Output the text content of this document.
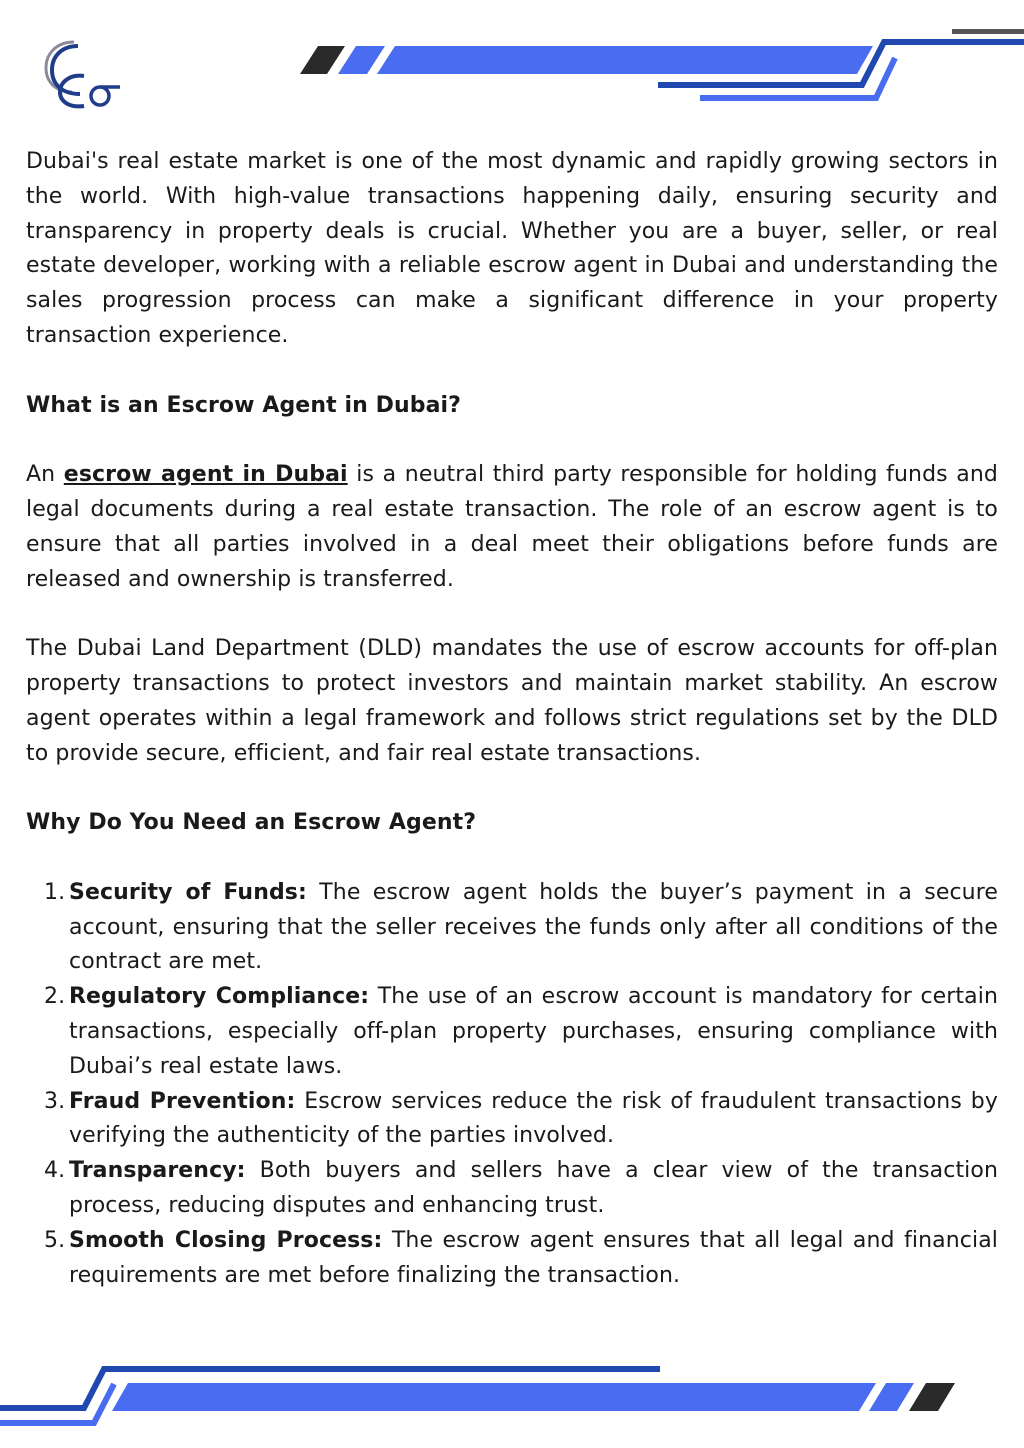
Dubai's real estate market is one of the most dynamic and rapidly growing sectors in the world. With high-value transactions happening daily, ensuring security and transparency in property deals is crucial. Whether you are a buyer, seller, or real estate developer, working with a reliable escrow agent in Dubai and understanding the sales progression process can make a significant difference in your property transaction experience.

What is an Escrow Agent in Dubai?

An escrow agent in Dubai is a neutral third party responsible for holding funds and legal documents during a real estate transaction. The role of an escrow agent is to ensure that all parties involved in a deal meet their obligations before funds are released and ownership is transferred.

The Dubai Land Department (DLD) mandates the use of escrow accounts for off-plan property transactions to protect investors and maintain market stability. An escrow agent operates within a legal framework and follows strict regulations set by the DLD to provide secure, efficient, and fair real estate transactions.

Why Do You Need an Escrow Agent?

1. Security of Funds: The escrow agent holds the buyer’s payment in a secure account, ensuring that the seller receives the funds only after all conditions of the contract are met.
2. Regulatory Compliance: The use of an escrow account is mandatory for certain transactions, especially off-plan property purchases, ensuring compliance with Dubai’s real estate laws.
3. Fraud Prevention: Escrow services reduce the risk of fraudulent transactions by verifying the authenticity of the parties involved.
4. Transparency: Both buyers and sellers have a clear view of the transaction process, reducing disputes and enhancing trust.
5. Smooth Closing Process: The escrow agent ensures that all legal and financial requirements are met before finalizing the transaction.
